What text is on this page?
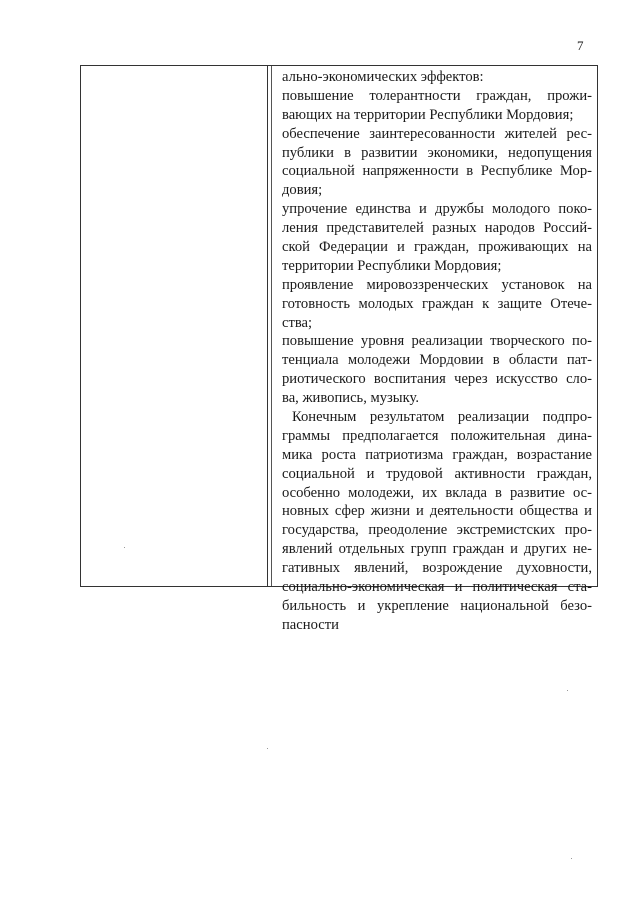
7
ально-экономических эффектов:
повышение толерантности граждан, прожи-
вающих на территории Республики Мордовия;
обеспечение заинтересованности жителей рес-
публики в развитии экономики, недопущения
социальной напряженности в Республике Мор-
довия;
упрочение единства и дружбы молодого поко-
ления представителей разных народов Россий-
ской Федерации и граждан, проживающих на
территории Республики Мордовия;
проявление мировоззренческих установок на
готовность молодых граждан к защите Отече-
ства;
повышение уровня реализации творческого по-
тенциала молодежи Мордовии в области пат-
риотического воспитания через искусство сло-
ва, живопись, музыку.
Конечным результатом реализации подпро-
граммы предполагается положительная дина-
мика роста патриотизма граждан, возрастание
социальной и трудовой активности граждан,
особенно молодежи, их вклада в развитие ос-
новных сфер жизни и деятельности общества и
государства, преодоление экстремистских про-
явлений отдельных групп граждан и других не-
гативных явлений, возрождение духовности,
социально-экономическая и политическая ста-
бильность и укрепление национальной безо-
пасности
